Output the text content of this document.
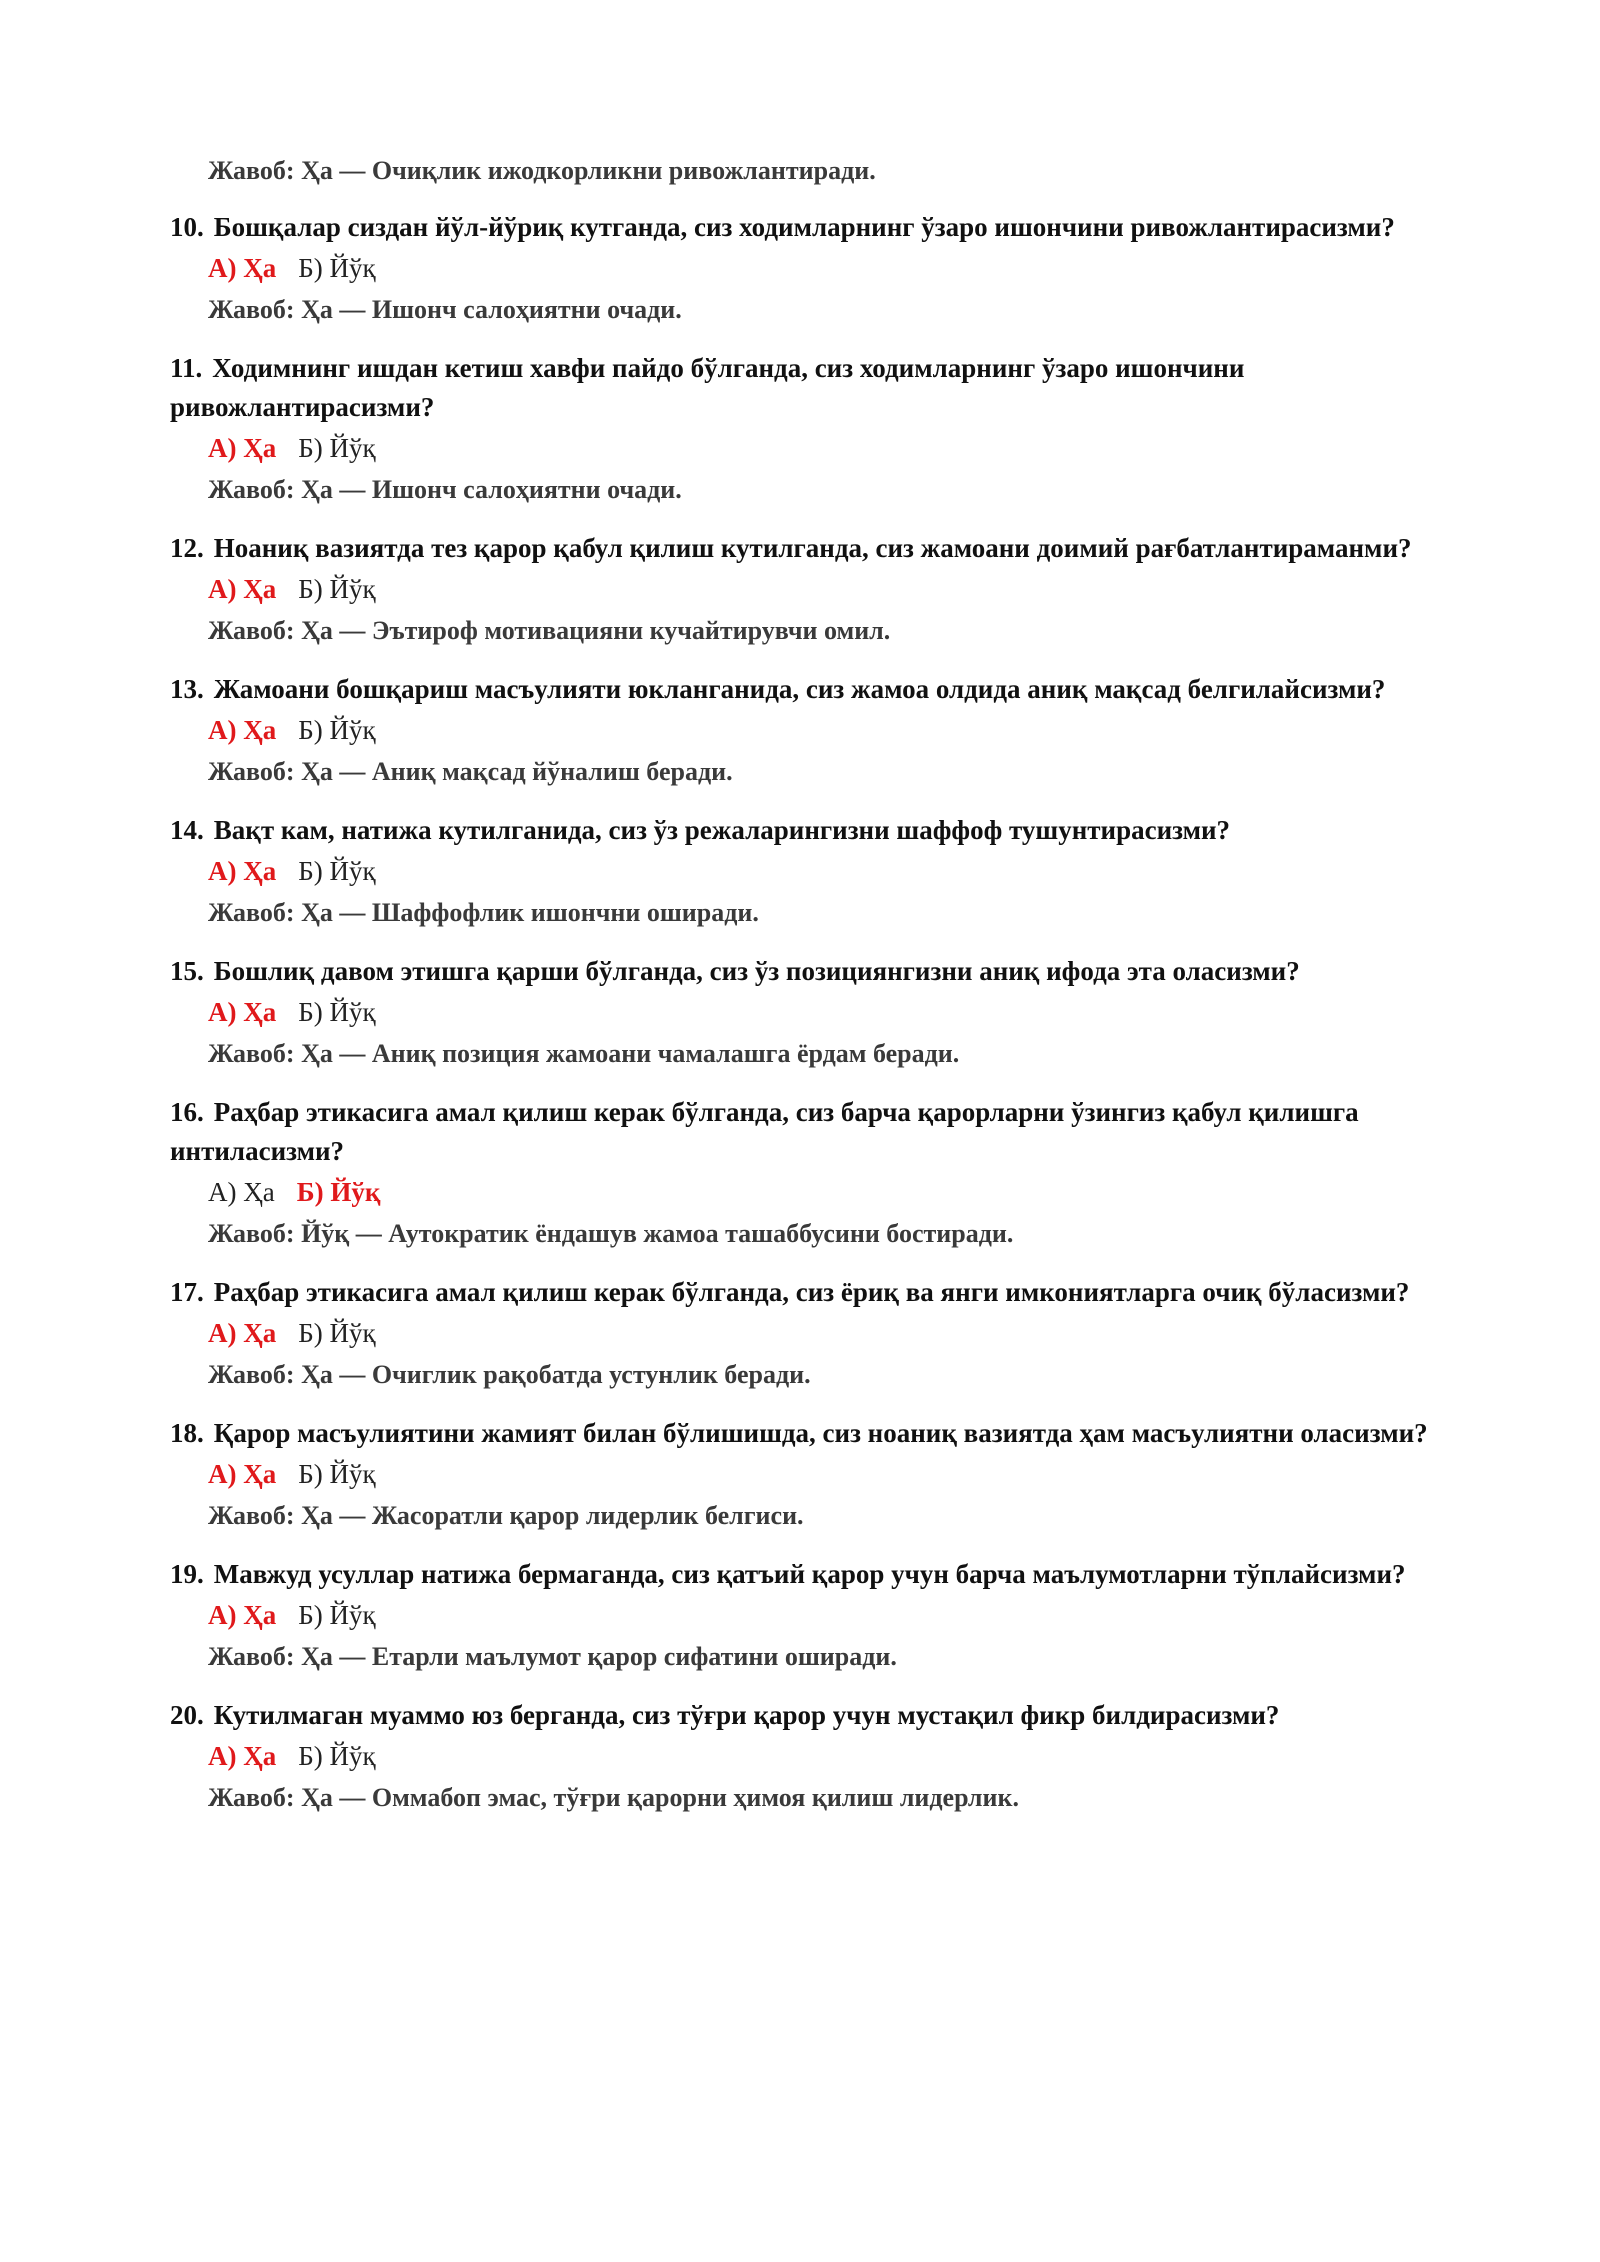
Жавоб: Ҳа — Очиқлик ижодкорликни ривожлантиради.
10. Бошқалар сиздан йўл-йўриқ кутганда, сиз ходимларнинг ўзаро ишончини ривожлантирасизми?
А) Ҳа Б) Йўқ
Жавоб: Ҳа — Ишонч салоҳиятни очади.
11. Ходимнинг ишдан кетиш хавфи пайдо бўлганда, сиз ходимларнинг ўзаро ишончини ривожлантирасизми?
А) Ҳа Б) Йўқ
Жавоб: Ҳа — Ишонч салоҳиятни очади.
12. Ноаниқ вазиятда тез қарор қабул қилиш кутилганда, сиз жамоани доимий рағбатлантираманми?
А) Ҳа Б) Йўқ
Жавоб: Ҳа — Эътироф мотивацияни кучайтирувчи омил.
13. Жамоани бошқариш масъулияти юкланганида, сиз жамоа олдида аниқ мақсад белгилайсизми?
А) Ҳа Б) Йўқ
Жавоб: Ҳа — Аниқ мақсад йўналиш беради.
14. Вақт кам, натижа кутилганида, сиз ўз режаларингизни шаффоф тушунтирасизми?
А) Ҳа Б) Йўқ
Жавоб: Ҳа — Шаффофлик ишончни оширади.
15. Бошлиқ давом этишга қарши бўлганда, сиз ўз позициянгизни аниқ ифода эта оласизми?
А) Ҳа Б) Йўқ
Жавоб: Ҳа — Аниқ позиция жамоани чамалашга ёрдам беради.
16. Раҳбар этикасига амал қилиш керак бўлганда, сиз барча қарорларни ўзингиз қабул қилишга интиласизми?
А) Ҳа Б) Йўқ
Жавоб: Йўқ — Аутократик ёндашув жамоа ташаббусини бостиради.
17. Раҳбар этикасига амал қилиш керак бўлганда, сиз ёриқ ва янги имкониятларга очиқ бўласизми?
А) Ҳа Б) Йўқ
Жавоб: Ҳа — Очиглик рақобатда устунлик беради.
18. Қарор масъулиятини жамият билан бўлишишда, сиз ноаниқ вазиятда ҳам масъулиятни оласизми?
А) Ҳа Б) Йўқ
Жавоб: Ҳа — Жасоратли қарор лидерлик белгиси.
19. Мавжуд усуллар натижа бермаганда, сиз қатъий қарор учун барча маълумотларни тўплайсизми?
А) Ҳа Б) Йўқ
Жавоб: Ҳа — Етарли маълумот қарор сифатини оширади.
20. Кутилмаган муаммо юз берганда, сиз тўғри қарор учун мустақил фикр билдирасизми?
А) Ҳа Б) Йўқ
Жавоб: Ҳа — Оммабоп эмас, тўғри қарорни ҳимоя қилиш лидерлик.
